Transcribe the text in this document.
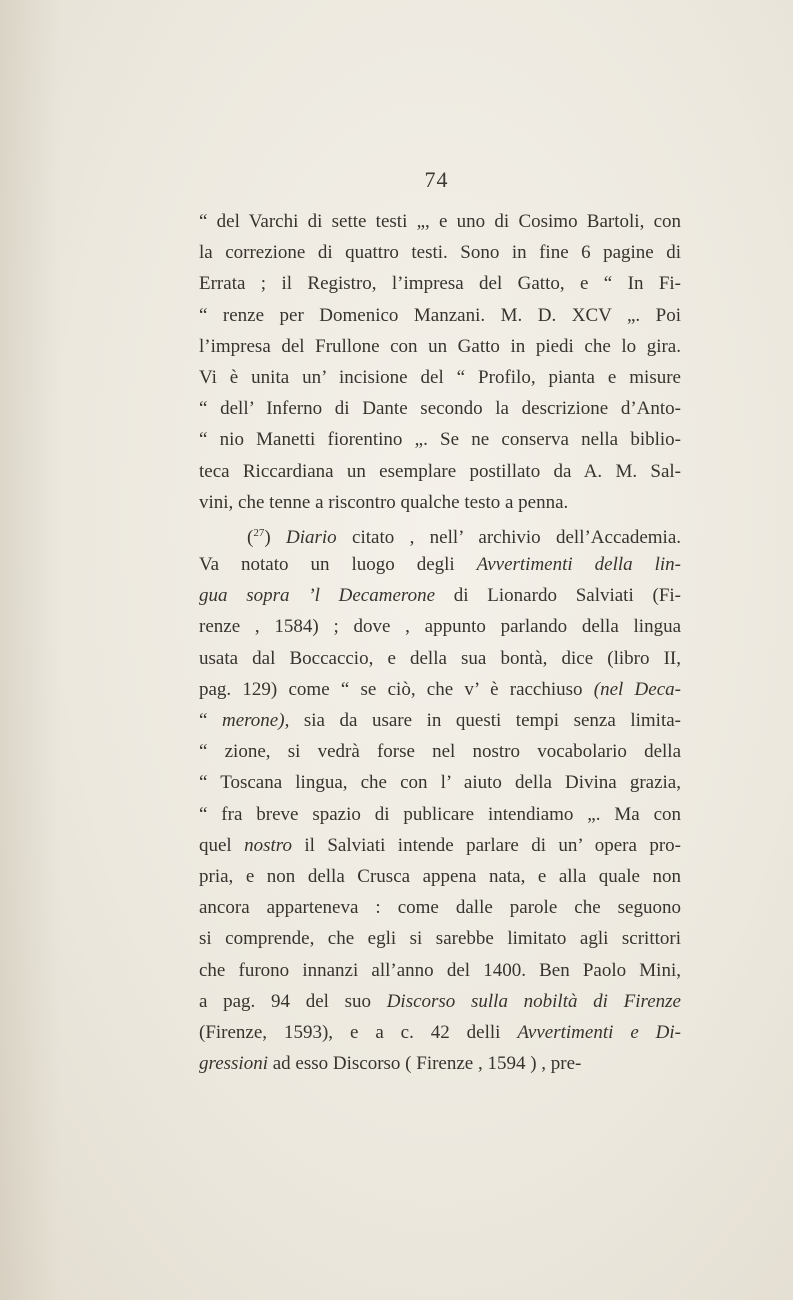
74
“ del Varchi di sette testi „, e uno di Cosimo Bartoli, con
la correzione di quattro testi. Sono in fine 6 pagine di
Errata ; il Registro, l’impresa del Gatto, e “ In Fi-
“ renze per Domenico Manzani. M. D. XCV „. Poi
l’impresa del Frullone con un Gatto in piedi che lo gira.
Vi è unita un’ incisione del “ Profilo, pianta e misure
“ dell’ Inferno di Dante secondo la descrizione d’Anto-
“ nio Manetti fiorentino „. Se ne conserva nella biblio-
teca Riccardiana un esemplare postillato da A. M. Sal-
vini, che tenne a riscontro qualche testo a penna.
($^{27}$) Diario citato , nell’ archivio dell’Accademia.
Va notato un luogo degli Avvertimenti della lin-
gua sopra ’l Decamerone di Lionardo Salviati (Fi-
renze , 1584) ; dove , appunto parlando della lingua
usata dal Boccaccio, e della sua bontà, dice (libro II,
pag. 129) come “ se ciò, che v’ è racchiuso (nel Deca-
“ merone), sia da usare in questi tempi senza limita-
“ zione, si vedrà forse nel nostro vocabolario della
“ Toscana lingua, che con l’ aiuto della Divina grazia,
“ fra breve spazio di publicare intendiamo „. Ma con
quel nostro il Salviati intende parlare di un’ opera pro-
pria, e non della Crusca appena nata, e alla quale non
ancora apparteneva : come dalle parole che seguono
si comprende, che egli si sarebbe limitato agli scrittori
che furono innanzi all’anno del 1400. Ben Paolo Mini,
a pag. 94 del suo Discorso sulla nobiltà di Firenze
(Firenze, 1593), e a c. 42 delli Avvertimenti e Di-
gressioni ad esso Discorso ( Firenze , 1594 ) , pre-
